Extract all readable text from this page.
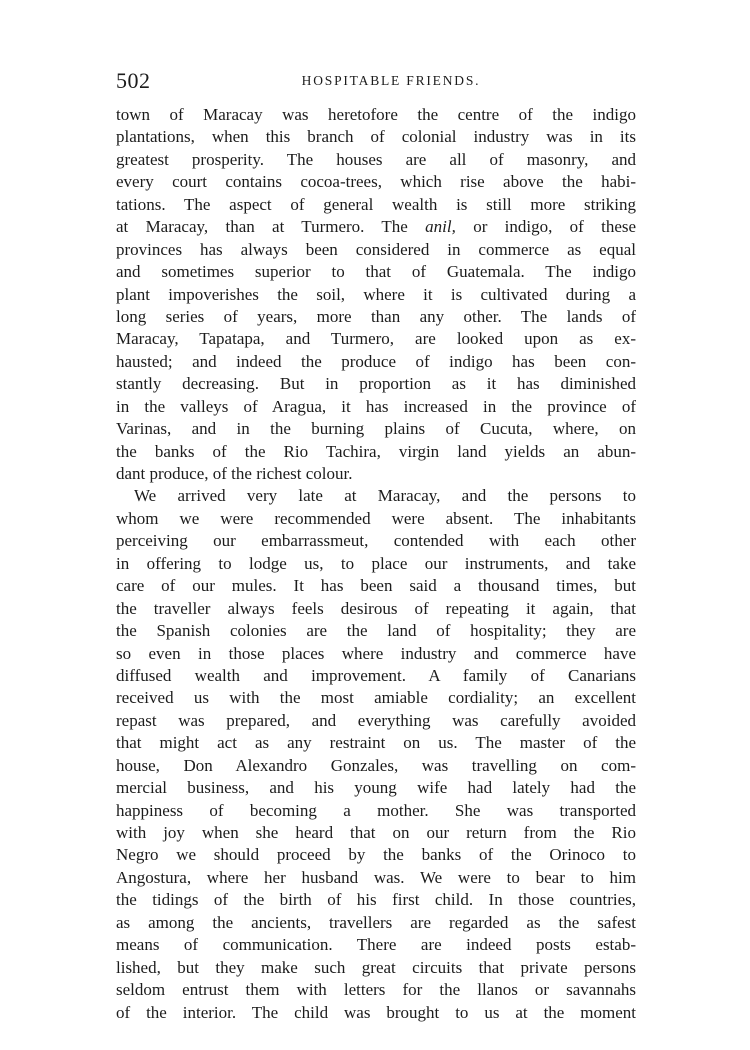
502	HOSPITABLE FRIENDS.
town of Maracay was heretofore the centre of the indigo
plantations, when this branch of colonial industry was in its
greatest prosperity. The houses are all of masonry, and
every court contains cocoa-trees, which rise above the habi-
tations. The aspect of general wealth is still more striking
at Maracay, than at Turmero. The anil, or indigo, of these
provinces has always been considered in commerce as equal
and sometimes superior to that of Guatemala. The indigo
plant impoverishes the soil, where it is cultivated during a
long series of years, more than any other. The lands of
Maracay, Tapatapa, and Turmero, are looked upon as ex-
hausted; and indeed the produce of indigo has been con-
stantly decreasing. But in proportion as it has diminished
in the valleys of Aragua, it has increased in the province of
Varinas, and in the burning plains of Cucuta, where, on
the banks of the Rio Tachira, virgin land yields an abun-
dant produce, of the richest colour.
We arrived very late at Maracay, and the persons to
whom we were recommended were absent. The inhabitants
perceiving our embarrassmeut, contended with each other
in offering to lodge us, to place our instruments, and take
care of our mules. It has been said a thousand times, but
the traveller always feels desirous of repeating it again, that
the Spanish colonies are the land of hospitality; they are
so even in those places where industry and commerce have
diffused wealth and improvement. A family of Canarians
received us with the most amiable cordiality; an excellent
repast was prepared, and everything was carefully avoided
that might act as any restraint on us. The master of the
house, Don Alexandro Gonzales, was travelling on com-
mercial business, and his young wife had lately had the
happiness of becoming a mother. She was transported
with joy when she heard that on our return from the Rio
Negro we should proceed by the banks of the Orinoco to
Angostura, where her husband was. We were to bear to him
the tidings of the birth of his first child. In those countries,
as among the ancients, travellers are regarded as the safest
means of communication. There are indeed posts estab-
lished, but they make such great circuits that private persons
seldom entrust them with letters for the llanos or savannahs
of the interior. The child was brought to us at the moment
